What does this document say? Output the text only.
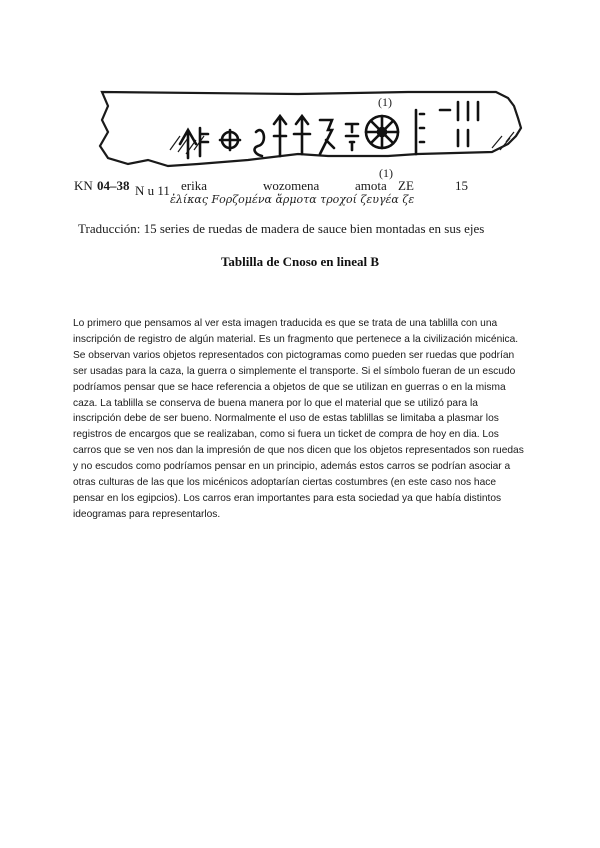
(1)
(1)
KN 04–38 N u 11 erika	wozomena	amota ZE	15
ἐλίκας Fορζομένα ἅρμοτα τροχοί ζευγέα ζε
Traducción: 15 series de ruedas de madera de sauce bien montadas en sus ejes
Tablilla de Cnoso en lineal B

Lo primero que pensamos al ver esta imagen traducida es que se trata de una tablilla con una inscripción de registro de algún material. Es un fragmento que pertenece a la civilización micénica. Se observan varios objetos representados con pictogramas como pueden ser ruedas que podrían ser usadas para la caza, la guerra o simplemente el transporte. Si el símbolo fueran de un escudo podríamos pensar que se hace referencia a objetos de que se utilizan en guerras o en la misma caza. La tablilla se conserva de buena manera por lo que el material que se utilizó para la inscripción debe de ser bueno. Normalmente el uso de estas tablillas se limitaba a plasmar los registros de encargos que se realizaban, como si fuera un ticket de compra de hoy en dia. Los carros que se ven nos dan la impresión de que nos dicen que los objetos representados son ruedas y no escudos como podríamos pensar en un principio, además estos carros se podrían asociar a otras culturas de las que los micénicos adoptarían ciertas costumbres (en este caso nos hace pensar en los egipcios). Los carros eran importantes para esta sociedad ya que había distintos ideogramas para representarlos.
